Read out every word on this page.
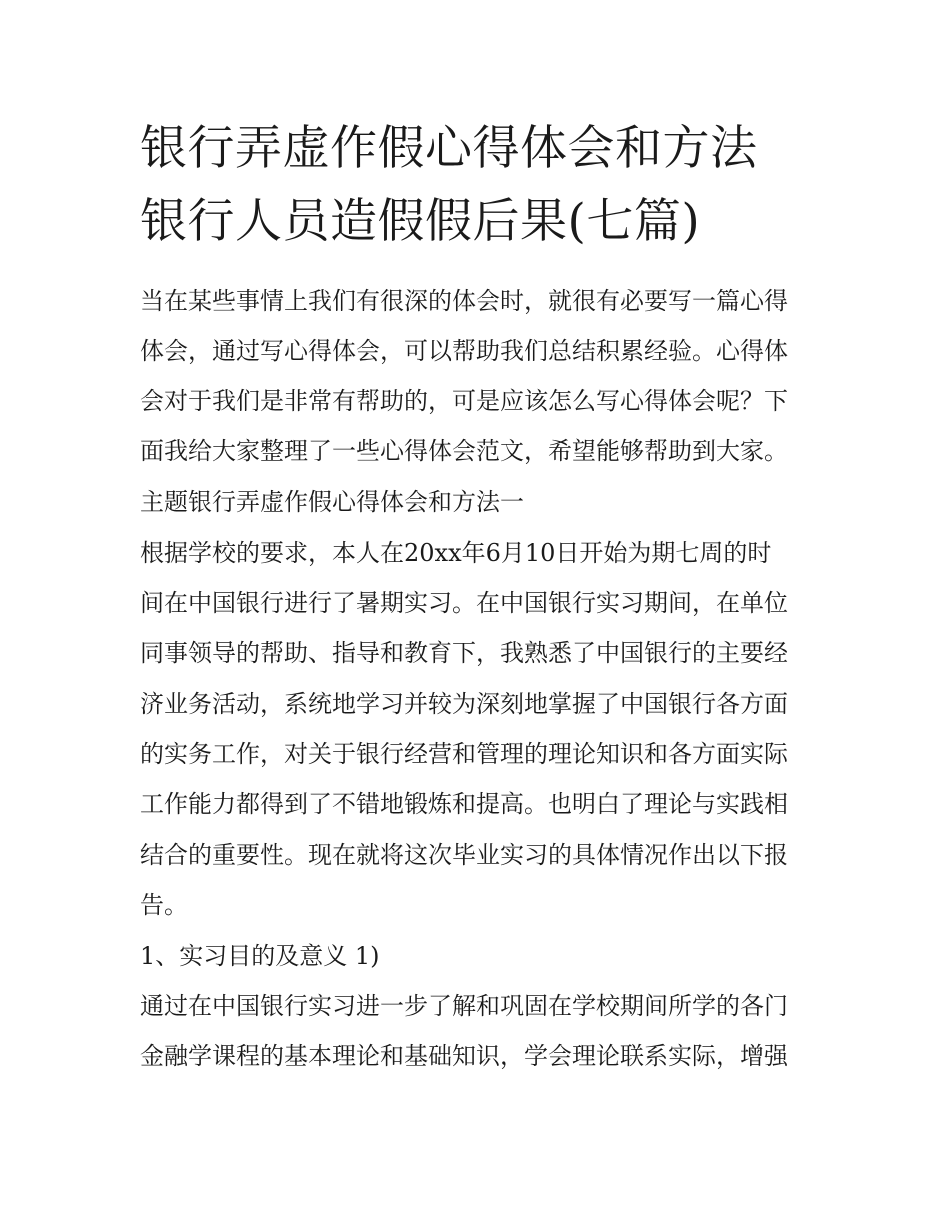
银行弄虚作假心得体会和方法
银行人员造假假后果(七篇)

当在某些事情上我们有很深的体会时，就很有必要写一篇心得

体会，通过写心得体会，可以帮助我们总结积累经验。心得体

会对于我们是非常有帮助的，可是应该怎么写心得体会呢？下

面我给大家整理了一些心得体会范文，希望能够帮助到大家。

主题银行弄虚作假心得体会和方法一

根据学校的要求，本人在20xx年6月10日开始为期七周的时

间在中国银行进行了暑期实习。在中国银行实习期间，在单位

同事领导的帮助、指导和教育下，我熟悉了中国银行的主要经

济业务活动，系统地学习并较为深刻地掌握了中国银行各方面

的实务工作，对关于银行经营和管理的理论知识和各方面实际

工作能力都得到了不错地锻炼和提高。也明白了理论与实践相

结合的重要性。现在就将这次毕业实习的具体情况作出以下报

告。

1、实习目的及意义 1)

通过在中国银行实习进一步了解和巩固在学校期间所学的各门

金融学课程的基本理论和基础知识，学会理论联系实际，增强
